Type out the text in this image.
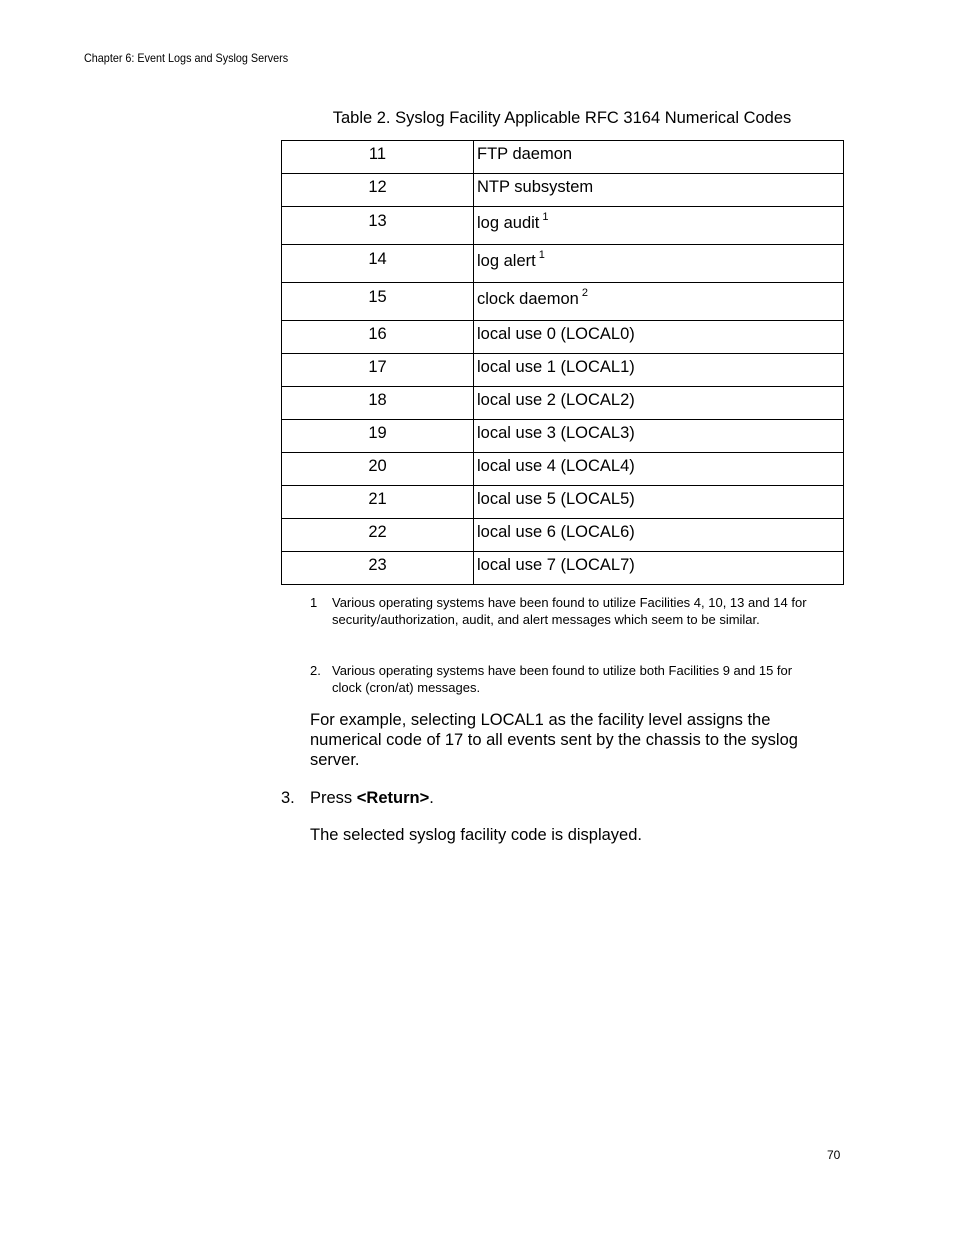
Chapter 6: Event Logs and Syslog Servers
Table 2. Syslog Facility Applicable RFC 3164 Numerical Codes
11	FTP daemon
12	NTP subsystem
13	log audit $^1$
14	log alert $^1$
15	clock daemon $^2$
16	local use 0 (LOCAL0)
17	local use 1 (LOCAL1)
18	local use 2 (LOCAL2)
19	local use 3 (LOCAL3)
20	local use 4 (LOCAL4)
21	local use 5 (LOCAL5)
22	local use 6 (LOCAL6)
23	local use 7 (LOCAL7)
1 Various operating systems have been found to utilize Facilities 4, 10, 13 and 14 for security/authorization, audit, and alert messages which seem to be similar.
2. Various operating systems have been found to utilize both Facilities 9 and 15 for clock (cron/at) messages.
For example, selecting LOCAL1 as the facility level assigns the numerical code of 17 to all events sent by the chassis to the syslog server.
3. Press <Return>.
The selected syslog facility code is displayed.
70
